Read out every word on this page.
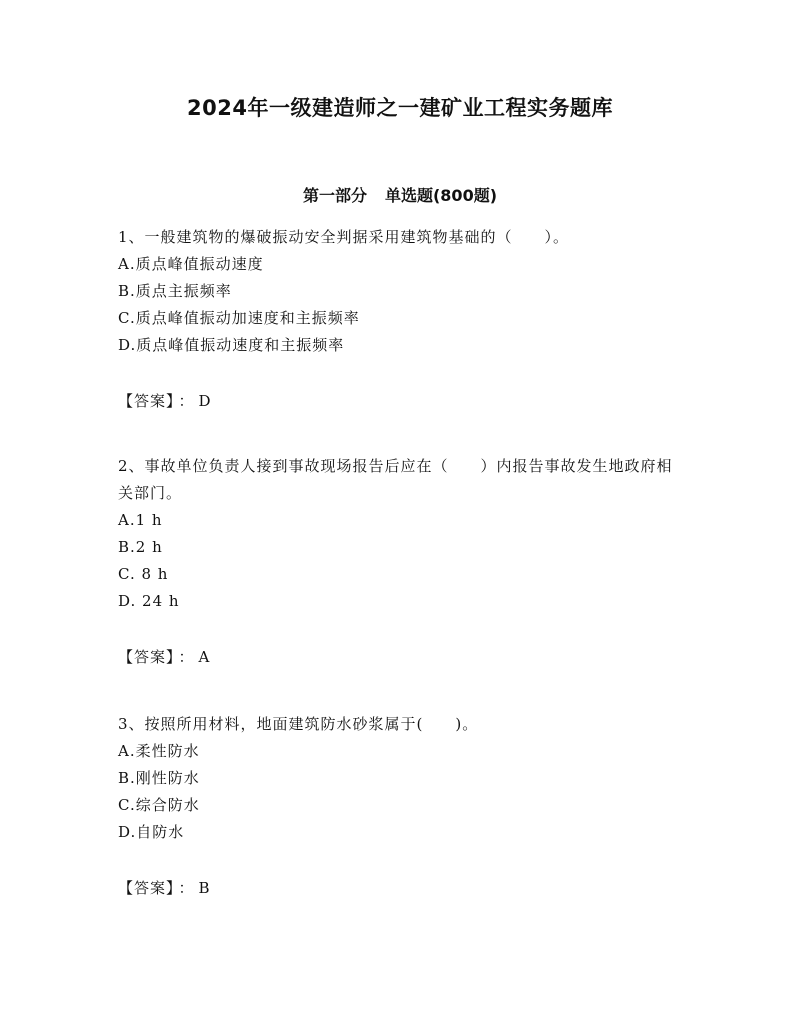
2024年一级建造师之一建矿业工程实务题库
第一部分 单选题(800题)
1、一般建筑物的爆破振动安全判据采用建筑物基础的（　　）。
A.质点峰值振动速度
B.质点主振频率
C.质点峰值振动加速度和主振频率
D.质点峰值振动速度和主振频率
【答案】 ： D
2、事故单位负责人接到事故现场报告后应在（　　）内报告事故发生地政府相关部门。
A.1 h
B.2 h
C. 8 h
D. 24 h
【答案】 ： A
3、按照所用材料，地面建筑防水砂浆属于(　　)。
A.柔性防水
B.刚性防水
C.综合防水
D.自防水
【答案】 ： B
